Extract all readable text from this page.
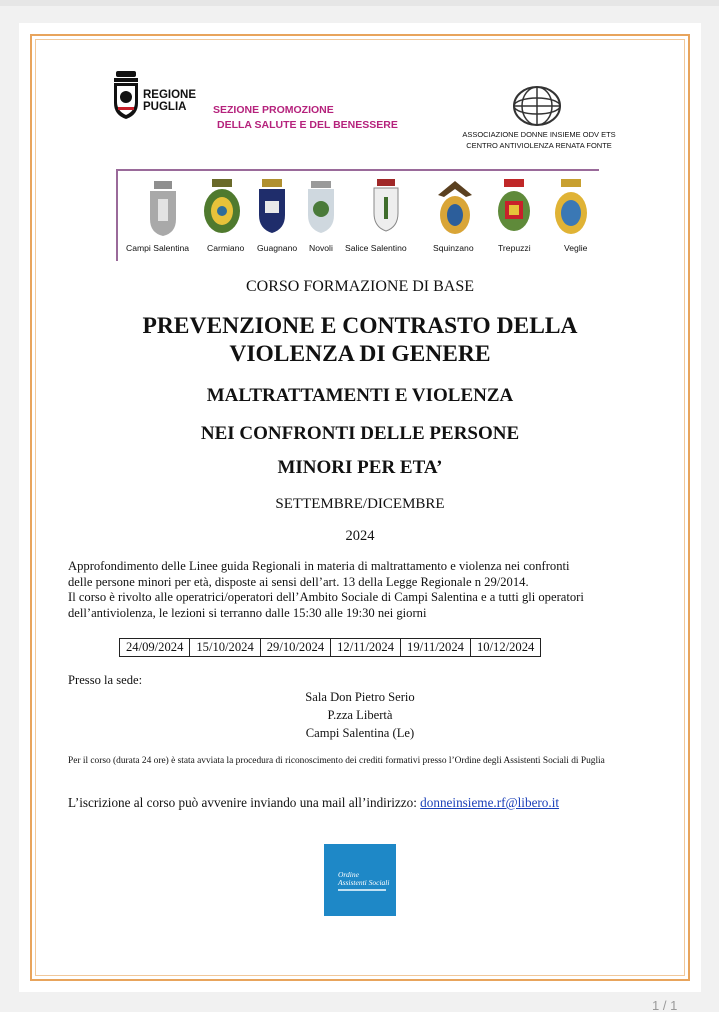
REGIONE
PUGLIA	SEZIONE PROMOZIONE
DELLA SALUTE E DEL BENESSERE
ASSOCIAZIONE DONNE INSIEME ODV ETS
CENTRO ANTIVIOLENZA RENATA FONTE
Campi Salentina Carmiano Guagnano Novoli Salice Salentino	Squinzano	Trepuzzi	Veglie
CORSO FORMAZIONE DI BASE
PREVENZIONE E CONTRASTO DELLA
VIOLENZA DI GENERE
MALTRATTAMENTI E VIOLENZA
NEI CONFRONTI DELLE PERSONE
MINORI PER ETA’
SETTEMBRE/DICEMBRE
2024
Approfondimento delle Linee guida Regionali in materia di maltrattamento e violenza nei confronti
delle persone minori per età, disposte ai sensi dell’art. 13 della Legge Regionale n 29/2014.
Il corso è rivolto alle operatrici/operatori dell’Ambito Sociale di Campi Salentina e a tutti gli operatori
dell’antiviolenza, le lezioni si terranno dalle 15:30 alle 19:30 nei giorni
24/09/2024	15/10/2024	29/10/2024	12/11/2024	19/11/2024	10/12/2024
Presso la sede:
Sala Don Pietro Serio
P.zza Libertà
Campi Salentina (Le)
Per il corso (durata 24 ore) è stata avviata la procedura di riconoscimento dei crediti formativi presso l’Ordine degli Assistenti Sociali di Puglia
L’iscrizione al corso può avvenire inviando una mail all’indirizzo: donneinsieme.rf@libero.it
Ordine
Assistenti Sociali
1 / 1
